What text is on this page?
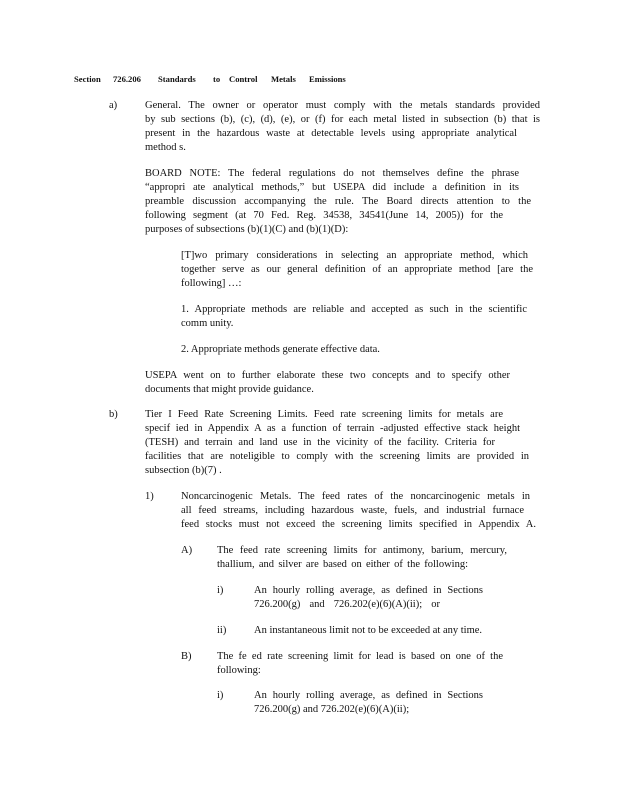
Section 726.206 Standards to Control Metals Emissions
a)	General. The owner or operator must comply with the metals standards provided
by sub sections (b), (c), (d), (e), or (f) for each metal listed in subsection (b) that is
present in the hazardous waste at detectable levels using appropriate analytical
method s.
BOARD NOTE: The federal regulations do not themselves define the phrase
“appropri ate analytical methods,” but USEPA did include a definition in its
preamble discussion accompanying the rule. The Board directs attention to the
following segment (at 70 Fed. Reg. 34538, 34541(June 14, 2005)) for the
purposes of subsections (b)(1)(C) and (b)(1)(D):
[T]wo primary considerations in selecting an appropriate method, which
together serve as our general definition of an appropriate method [are the
following] …:
1. Appropriate methods are reliable and accepted as such in the scientific
comm unity.
2. Appropriate methods generate effective data.
USEPA went on to further elaborate these two concepts and to specify other
documents that might provide guidance.
b)	Tier I Feed Rate Screening Limits. Feed rate screening limits for metals are
specif ied in Appendix A as a function of terrain -adjusted effective stack height
(TESH) and terrain and land use in the vicinity of the facility. Criteria for
facilities that are noteligible to comply with the screening limits are provided in
subsection (b)(7) .
1)	Noncarcinogenic Metals. The feed rates of the noncarcinogenic metals in
all feed streams, including hazardous waste, fuels, and industrial furnace
feed stocks must not exceed the screening limits specified in Appendix A.
A) The feed rate screening limits for antimony, barium, mercury,
thallium, and silver are based on either of the following:
i)	An hourly rolling average, as defined in Sections
726.200(g) and 726.202(e)(6)(A)(ii); or
ii)	An instantaneous limit not to be exceeded at any time.
B) The fe ed rate screening limit for lead is based on one of the
following:
i)	An hourly rolling average, as defined in Sections
726.200(g) and 726.202(e)(6)(A)(ii);
